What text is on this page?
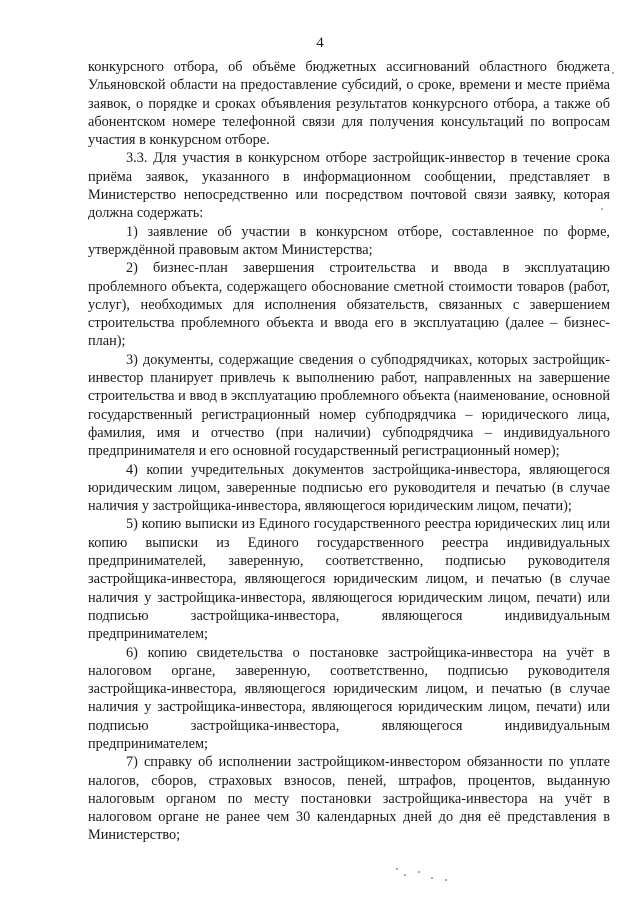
4

конкурсного отбора, об объёме бюджетных ассигнований областного бюджета Ульяновской области на предоставление субсидий, о сроке, времени и месте приёма заявок, о порядке и сроках объявления результатов конкурсного отбора, а также об абонентском номере телефонной связи для получения консультаций по вопросам участия в конкурсном отборе.

3.3. Для участия в конкурсном отборе застройщик-инвестор в течение срока приёма заявок, указанного в информационном сообщении, представляет в Министерство непосредственно или посредством почтовой связи заявку, которая должна содержать:

1) заявление об участии в конкурсном отборе, составленное по форме, утверждённой правовым актом Министерства;

2) бизнес-план завершения строительства и ввода в эксплуатацию проблемного объекта, содержащего обоснование сметной стоимости товаров (работ, услуг), необходимых для исполнения обязательств, связанных с завершением строительства проблемного объекта и ввода его в эксплуатацию (далее – бизнес-план);

3) документы, содержащие сведения о субподрядчиках, которых застройщик-инвестор планирует привлечь к выполнению работ, направленных на завершение строительства и ввод в эксплуатацию проблемного объекта (наименование, основной государственный регистрационный номер субподрядчика – юридического лица, фамилия, имя и отчество (при наличии) субподрядчика – индивидуального предпринимателя и его основной государственный регистрационный номер);

4) копии учредительных документов застройщика-инвестора, являющегося юридическим лицом, заверенные подписью его руководителя и печатью (в случае наличия у застройщика-инвестора, являющегося юридическим лицом, печати);

5) копию выписки из Единого государственного реестра юридических лиц или копию выписки из Единого государственного реестра индивидуальных предпринимателей, заверенную, соответственно, подписью руководителя застройщика-инвестора, являющегося юридическим лицом, и печатью (в случае наличия у застройщика-инвестора, являющегося юридическим лицом, печати) или подписью застройщика-инвестора, являющегося индивидуальным предпринимателем;

6) копию свидетельства о постановке застройщика-инвестора на учёт в налоговом органе, заверенную, соответственно, подписью руководителя застройщика-инвестора, являющегося юридическим лицом, и печатью (в случае наличия у застройщика-инвестора, являющегося юридическим лицом, печати) или подписью застройщика-инвестора, являющегося индивидуальным предпринимателем;

7) справку об исполнении застройщиком-инвестором обязанности по уплате налогов, сборов, страховых взносов, пеней, штрафов, процентов, выданную налоговым органом по месту постановки застройщика-инвестора на учёт в налоговом органе не ранее чем 30 календарных дней до дня её представления в Министерство;
